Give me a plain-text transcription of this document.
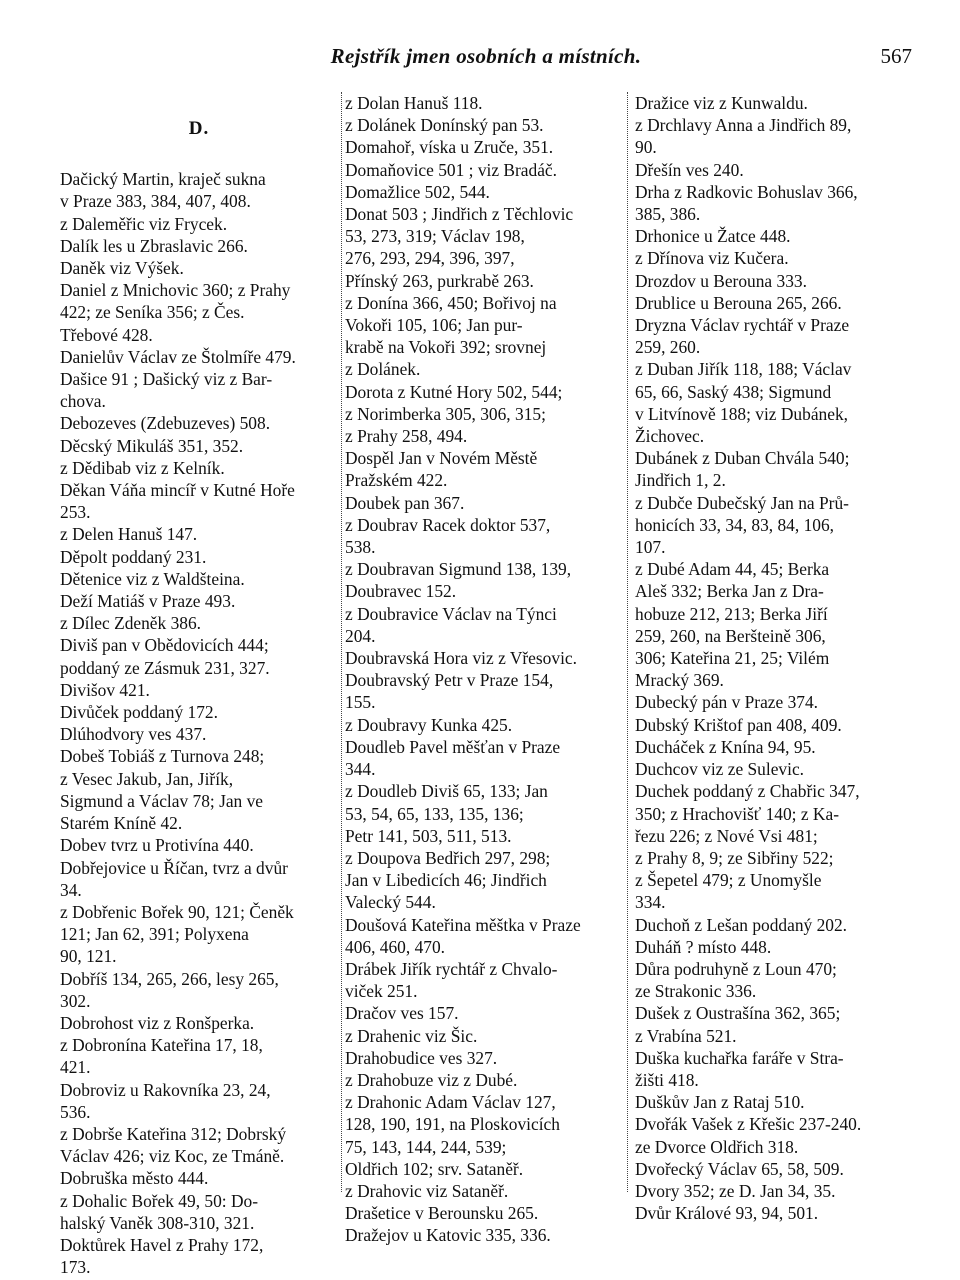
Rejstřík jmen osobních a místních.	567
D.
Dačický Martin, kraječ sukna
v Praze 383, 384, 407, 408.
z Daleměřic viz Frycek.
Dalík les u Zbraslavic 266.
Daněk viz Výšek.
Daniel z Mnichovic 360; z Prahy
422; ze Seníka 356; z Čes.
Třebové 428.
Danielův Václav ze Štolmíře 479.
Dašice 91 ; Dašický viz z Bar-
chova.
Debozeves (Zdebuzeves) 508.
Děcský Mikuláš 351, 352.
z Dědibab viz z Kelník.
Děkan Váňa mincíř v Kutné Hoře
253.
z Delen Hanuš 147.
Děpolt poddaný 231.
Dětenice viz z Waldšteina.
Deží Matiáš v Praze 493.
z Dílec Zdeněk 386.
Diviš pan v Obědovicích 444;
poddaný ze Zásmuk 231, 327.
Divišov 421.
Divůček poddaný 172.
Dlúhodvory ves 437.
Dobeš Tobiáš z Turnova 248;
z Vesec Jakub, Jan, Jiřík,
Sigmund a Václav 78; Jan ve
Starém Kníně 42.
Dobev tvrz u Protivína 440.
Dobřejovice u Říčan, tvrz a dvůr
34.
z Dobřenic Bořek 90, 121; Čeněk
121; Jan 62, 391; Polyxena
90, 121.
Dobříš 134, 265, 266, lesy 265,
302.
Dobrohost viz z Ronšperka.
z Dobronína Kateřina 17, 18,
421.
Dobroviz u Rakovníka 23, 24,
536.
z Dobrše Kateřina 312; Dobrský
Václav 426; viz Koc, ze Tmáně.
Dobruška město 444.
z Dohalic Bořek 49, 50: Do-
halský Vaněk 308-310, 321.
Doktůrek Havel z Prahy 172,
173.
z Dolan Hanuš 118.
z Dolánek Donínský pan 53.
Domahoř, víska u Zruče, 351.
Domaňovice 501 ; viz Bradáč.
Domažlice 502, 544.
Donat 503 ; Jindřich z Těchlovic
53, 273, 319; Václav 198,
276, 293, 294, 396, 397,
Přínský 263, purkrabě 263.
z Donína 366, 450; Bořivoj na
Vokoři 105, 106; Jan pur-
krabě na Vokoři 392; srovnej
z Dolánek.
Dorota z Kutné Hory 502, 544;
z Norimberka 305, 306, 315;
z Prahy 258, 494.
Dospěl Jan v Novém Městě
Pražském 422.
Doubek pan 367.
z Doubrav Racek doktor 537,
538.
z Doubravan Sigmund 138, 139,
Doubravec 152.
z Doubravice Václav na Týnci
204.
Doubravská Hora viz z Vřesovic.
Doubravský Petr v Praze 154,
155.
z Doubravy Kunka 425.
Doudleb Pavel měšťan v Praze
344.
z Doudleb Diviš 65, 133; Jan
53, 54, 65, 133, 135, 136;
Petr 141, 503, 511, 513.
z Doupova Bedřich 297, 298;
Jan v Libedicích 46; Jindřich
Valecký 544.
Doušová Kateřina měštka v Praze
406, 460, 470.
Drábek Jiřík rychtář z Chvalo-
viček 251.
Dračov ves 157.
z Drahenic viz Šic.
Drahobudice ves 327.
z Drahobuze viz z Dubé.
z Drahonic Adam Václav 127,
128, 190, 191, na Ploskovicích
75, 143, 144, 244, 539;
Oldřich 102; srv. Sataněř.
z Drahovic viz Sataněř.
Drašetice v Berounsku 265.
Dražejov u Katovic 335, 336.
Dražice viz z Kunwaldu.
z Drchlavy Anna a Jindřich 89,
90.
Dřešín ves 240.
Drha z Radkovic Bohuslav 366,
385, 386.
Drhonice u Žatce 448.
z Dřínova viz Kučera.
Drozdov u Berouna 333.
Drublice u Berouna 265, 266.
Dryzna Václav rychtář v Praze
259, 260.
z Duban Jiřík 118, 188; Václav
65, 66, Saský 438; Sigmund
v Litvínově 188; viz Dubánek,
Žichovec.
Dubánek z Duban Chvála 540;
Jindřich 1, 2.
z Dubče Dubečský Jan na Prů-
honicích 33, 34, 83, 84, 106,
107.
z Dubé Adam 44, 45; Berka
Aleš 332; Berka Jan z Dra-
hobuze 212, 213; Berka Jiří
259, 260, na Beršteině 306,
306; Kateřina 21, 25; Vilém
Mracký 369.
Dubecký pán v Praze 374.
Dubský Krištof pan 408, 409.
Ducháček z Knína 94, 95.
Duchcov viz ze Sulevic.
Duchek poddaný z Chabřic 347,
350; z Hrachovišť 140; z Ka-
řezu 226; z Nové Vsi 481;
z Prahy 8, 9; ze Sibřiny 522;
z Šepetel 479; z Unomyšle
334.
Duchoň z Lešan poddaný 202.
Duháň ? místo 448.
Důra podruhyně z Loun 470;
ze Strakonic 336.
Dušek z Oustrašína 362, 365;
z Vrabína 521.
Duška kuchařka faráře v Stra-
žišti 418.
Duškův Jan z Rataj 510.
Dvořák Vašek z Křešic 237-240.
ze Dvorce Oldřich 318.
Dvořecký Václav 65, 58, 509.
Dvory 352; ze D. Jan 34, 35.
Dvůr Králové 93, 94, 501.
